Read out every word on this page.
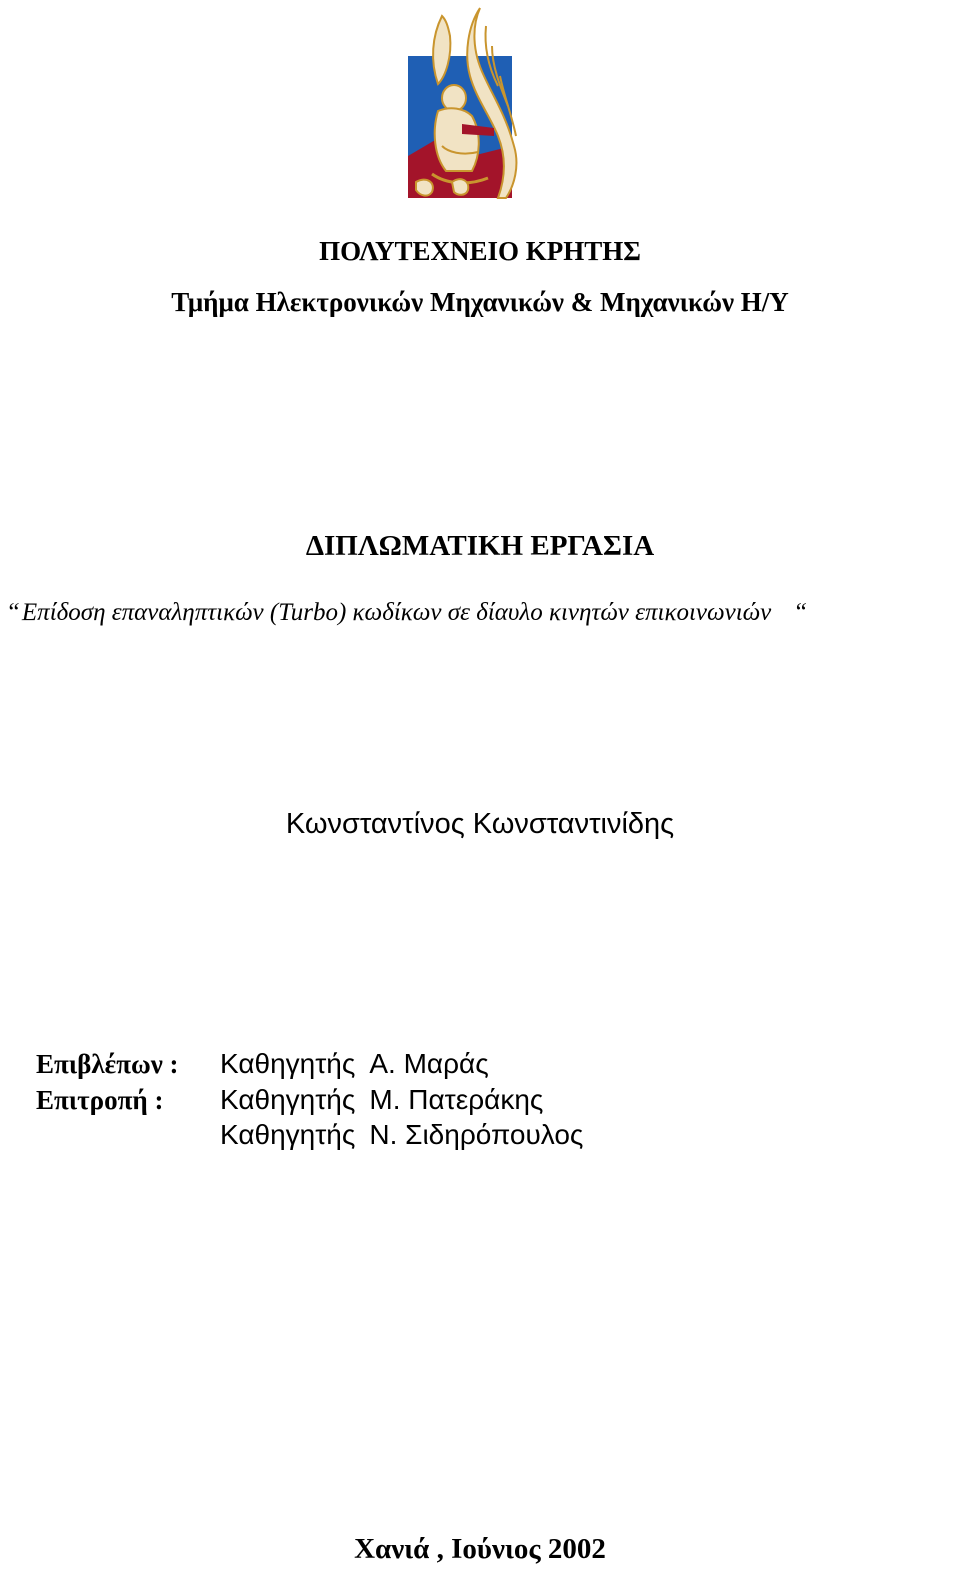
ΠΟΛΥΤΕΧΝΕΙΟ ΚΡΗΤΗΣ
Τμήμα Ηλεκτρονικών Μηχανικών & Μηχανικών Η/Υ
ΔΙΠΛΩΜΑΤΙΚΗ ΕΡΓΑΣΙΑ
“Επίδοση επαναληπτικών (Turbo) κωδίκων σε δίαυλο κινητών επικοινωνιών “
Κωνσταντίνος Κωνσταντινίδης
Επιβλέπων :
Επιτροπή :
Καθηγητής Α. Μαράς
Καθηγητής Μ. Πατεράκης
Καθηγητής Ν. Σιδηρόπουλος
Χανιά , Ιούνιος 2002
